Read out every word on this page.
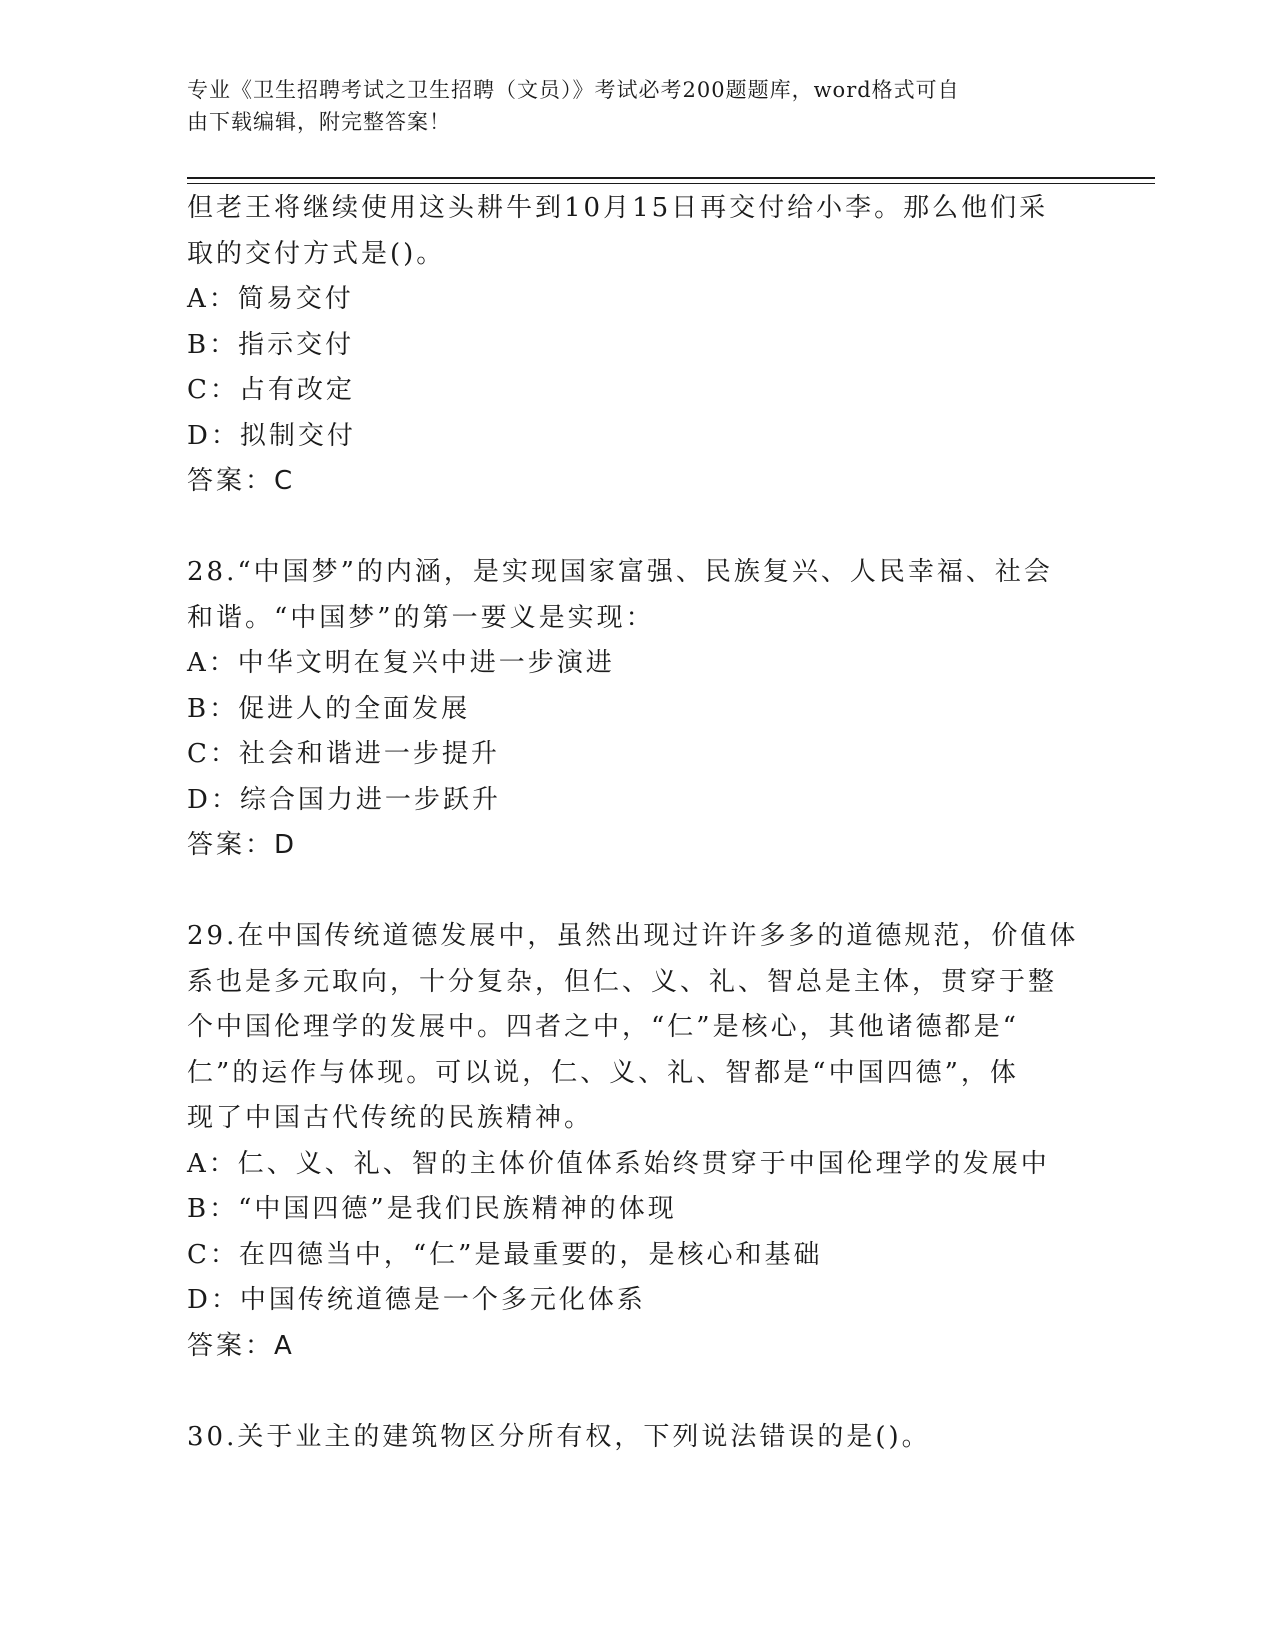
专业《卫生招聘考试之卫生招聘（文员）》考试必考200题题库，word格式可自
由下载编辑，附完整答案！
但老王将继续使用这头耕牛到10月15日再交付给小李。那么他们采
取的交付方式是()。
A：简易交付
B：指示交付
C：占有改定
D：拟制交付
答案：C
28.“中国梦”的内涵，是实现国家富强、民族复兴、人民幸福、社会
和谐。“中国梦”的第一要义是实现：
A：中华文明在复兴中进一步演进
B：促进人的全面发展
C：社会和谐进一步提升
D：综合国力进一步跃升
答案：D
29.在中国传统道德发展中，虽然出现过许许多多的道德规范，价值体
系也是多元取向，十分复杂，但仁、义、礼、智总是主体，贯穿于整
个中国伦理学的发展中。四者之中，“仁”是核心，其他诸德都是“
仁”的运作与体现。可以说，仁、义、礼、智都是“中国四德”，体
现了中国古代传统的民族精神。
A：仁、义、礼、智的主体价值体系始终贯穿于中国伦理学的发展中
B：“中国四德”是我们民族精神的体现
C：在四德当中，“仁”是最重要的，是核心和基础
D：中国传统道德是一个多元化体系
答案：A
30.关于业主的建筑物区分所有权，下列说法错误的是()。
